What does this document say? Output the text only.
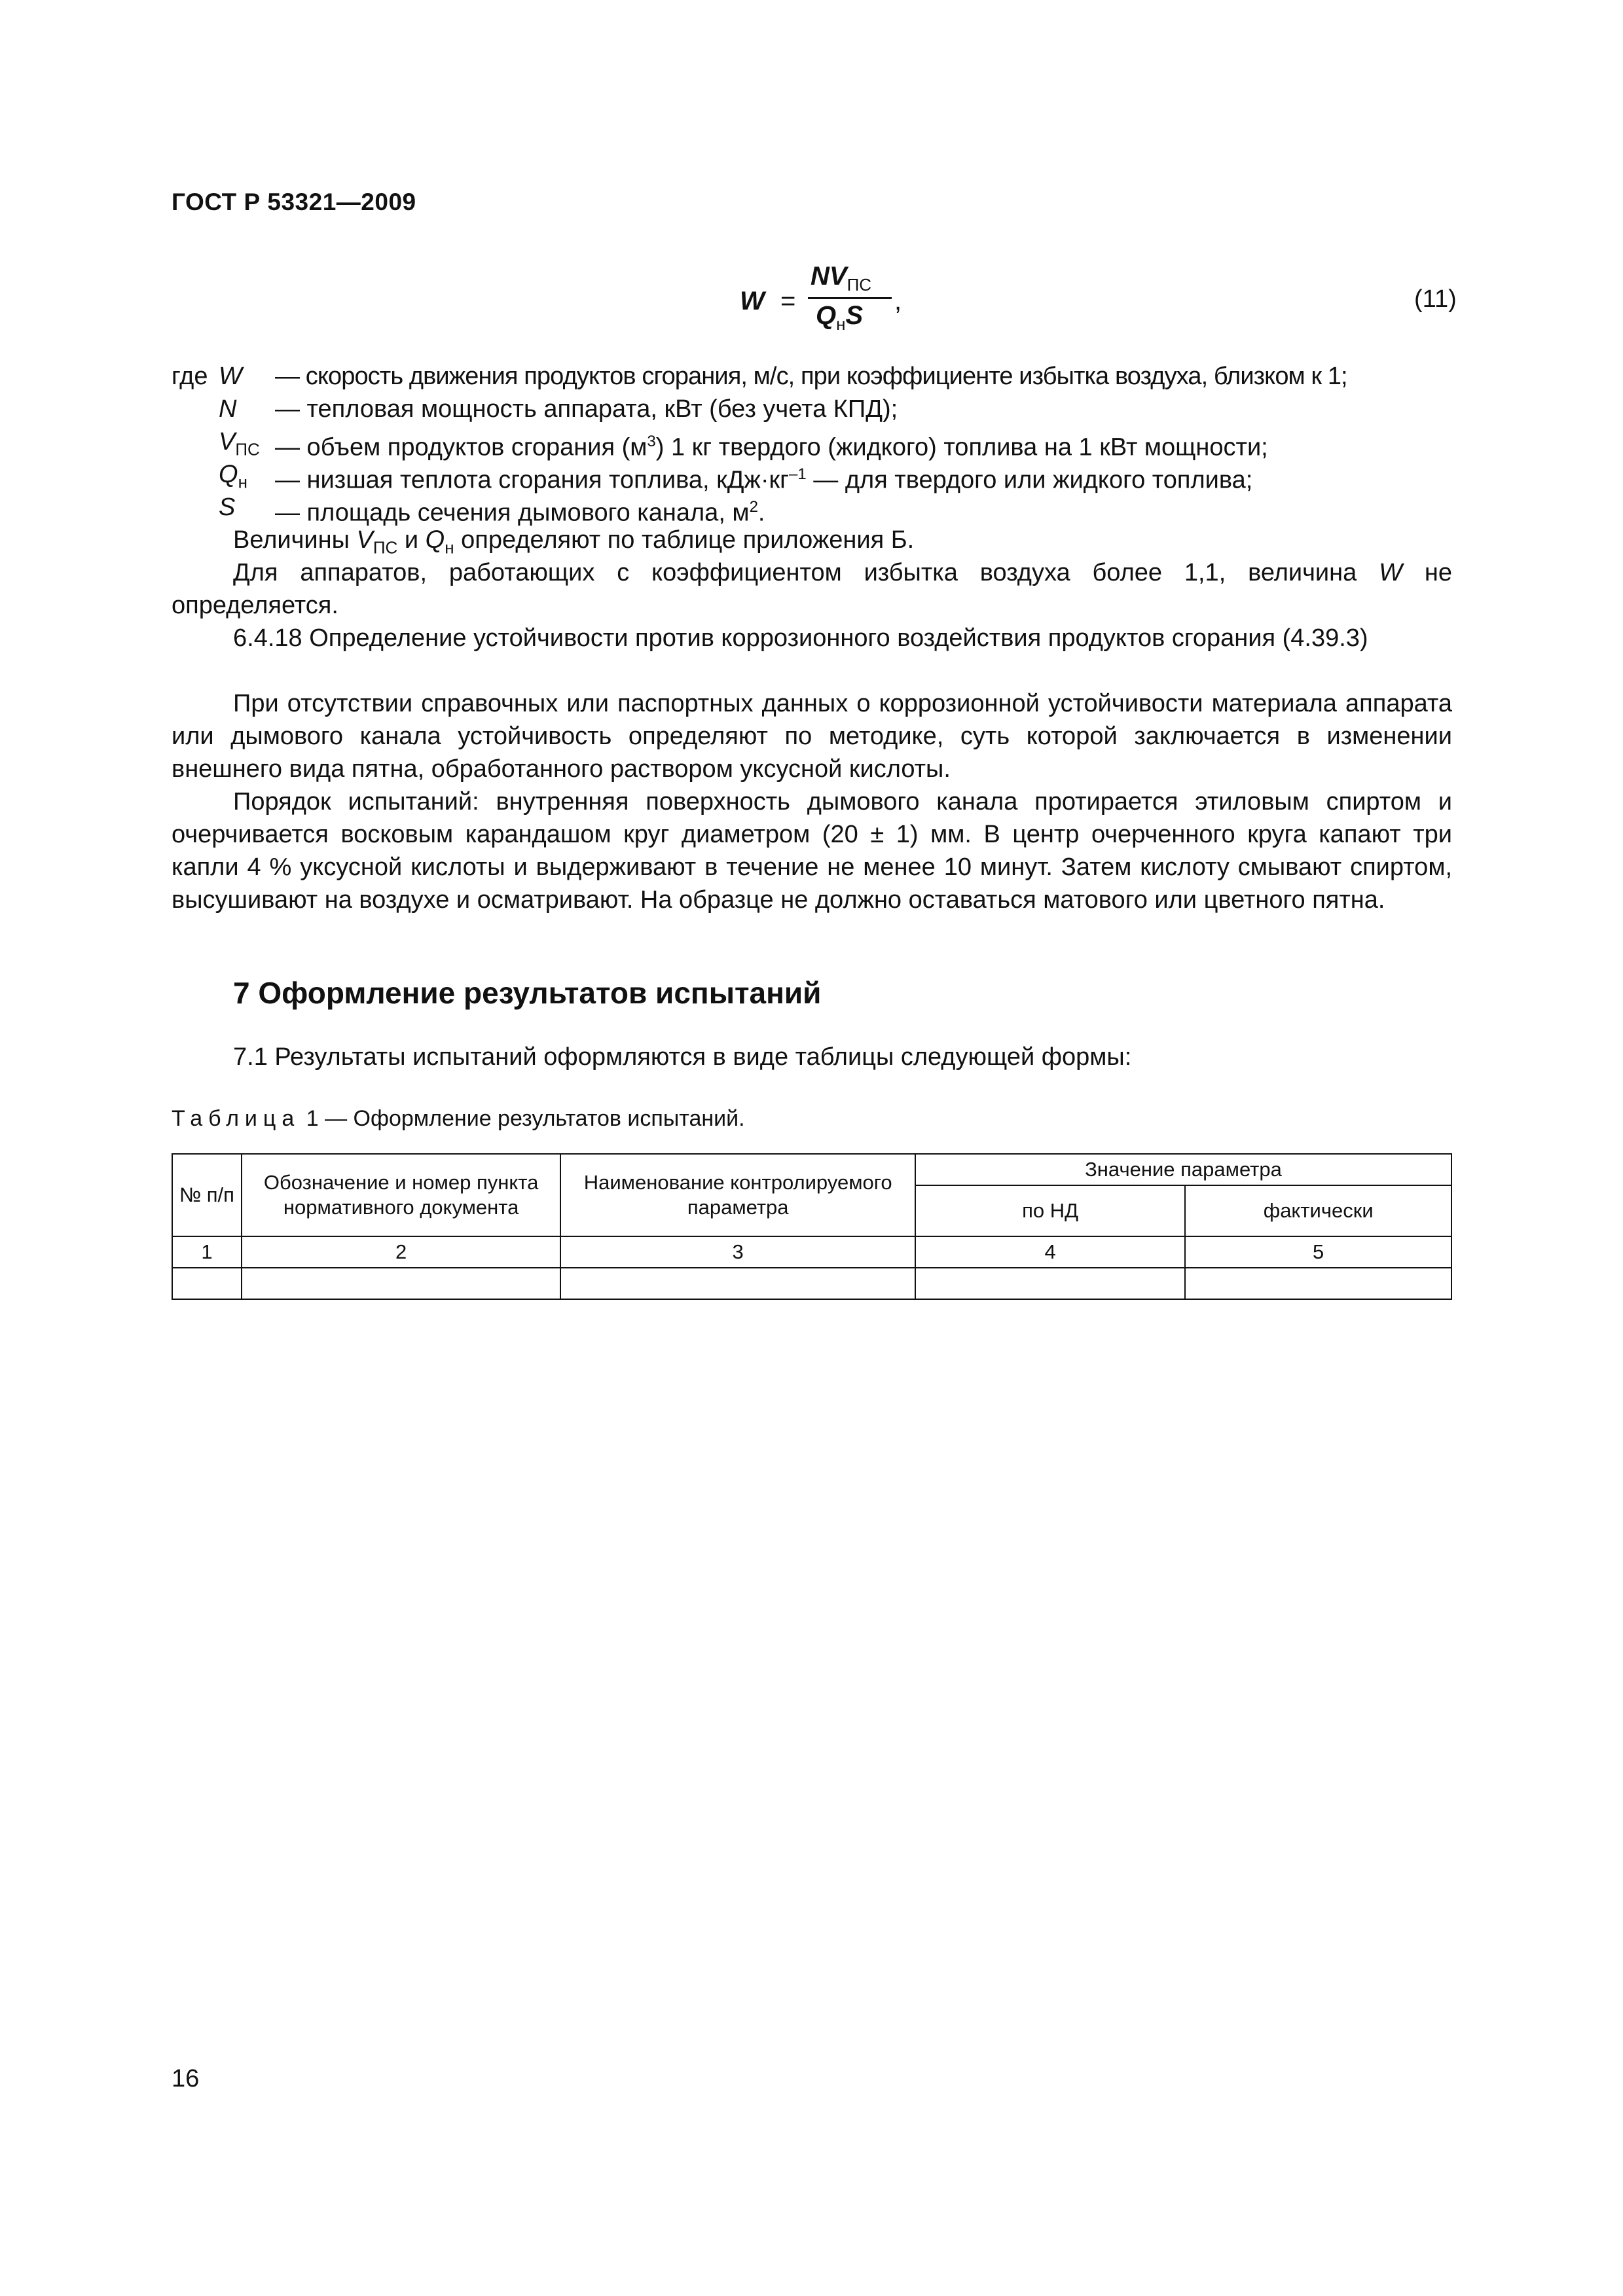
ГОСТ Р 53321—2009
W =
$NV_{ПС}$
$Q_нS$ ,	(11)
где W	— скорость движения продуктов сгорания, м/с, при коэффициенте избытка воздуха, близком к 1;
N	— тепловая мощность аппарата, кВт (без учета КПД);
$V_{ПС}$ — объем продуктов сгорания $(м^3)$ 1 кг твердого (жидкого) топлива на 1 кВт мощности;
$Q_н$	— низшая теплота сгорания топлива, $кДж\cdot кг^{-1}$ — для твердого или жидкого топлива;
S	— площадь сечения дымового канала, $м^2$.
Величины $V_{ПС}$ и $Q_н$ определяют по таблице приложения Б.
Для аппаратов, работающих с коэффициентом избытка воздуха более 1,1, величина W не определяется.
6.4.18 Определение устойчивости против коррозионного воздействия продуктов сгорания (4.39.3)
При отсутствии справочных или паспортных данных о коррозионной устойчивости материала аппарата или дымового канала устойчивость определяют по методике, суть которой заключается в изменении внешнего вида пятна, обработанного раствором уксусной кислоты.
Порядок испытаний: внутренняя поверхность дымового канала протирается этиловым спиртом и очерчивается восковым карандашом круг диаметром (20 ± 1) мм. В центр очерченного круга капают три капли 4 % уксусной кислоты и выдерживают в течение не менее 10 минут. Затем кислоту смывают спиртом, высушивают на воздухе и осматривают. На образце не должно оставаться матового или цветного пятна.
7 Оформление результатов испытаний
7.1 Результаты испытаний оформляются в виде таблицы следующей формы:
Таблица 1 — Оформление результатов испытаний.
№ п/п	Обозначение и номер пункта нормативного документа	Наименование контролируемого параметра	Значение параметра	
			по НД	фактически
1	2	3	4	5

16
